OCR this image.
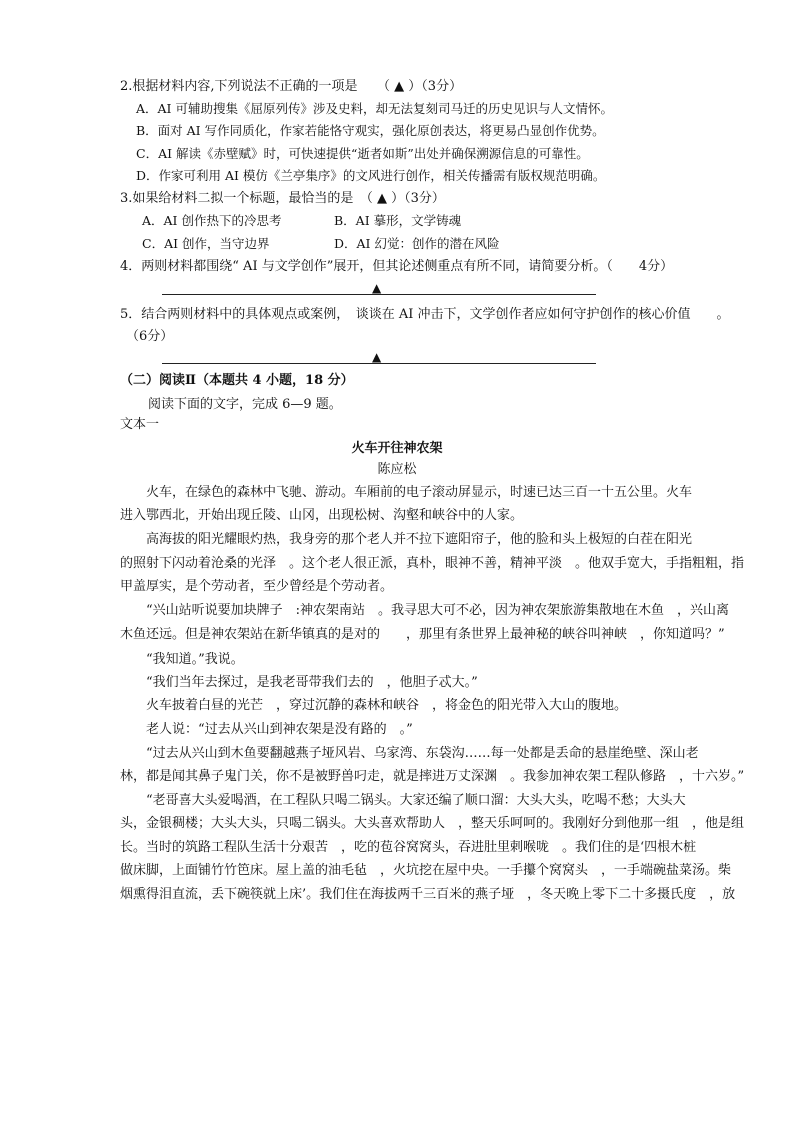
2.根据材料内容,下列说法不正确的一项是　　（ ▲ ）（3分）
A．AI 可辅助搜集《屈原列传》涉及史料，却无法复刻司马迁的历史见识与人文情怀。
B．面对 AI 写作同质化，作家若能恪守观实，强化原创表达，将更易凸显创作优势。
C．AI 解读《赤壁赋》时，可快速提供“逝者如斯”出处并确保溯源信息的可靠性。
D．作家可利用 AI 模仿《兰亭集序》的文风进行创作，相关传播需有版权规范明确。
3.如果给材料二拟一个标题，最恰当的是　（ ▲ ）（3分）
A．AI 创作热下的冷思考	B．AI 摹形，文学铸魂
C．AI 创作，当守边界	D．AI 幻觉：创作的潜在风险
4．两则材料都围绕“ AI 与文学创作”展开，但其论述侧重点有所不同，请简要分析。（　　4分）
▲
5．结合两则材料中的具体观点或案例，　谈谈在 AI 冲击下，文学创作者应如何守护创作的核心价值　　。
（6分）
▲
（二）阅读Ⅱ（本题共 4 小题，18 分）
阅读下面的文字，完成 6—9 题。
文本一
火车开往神农架
陈应松
　　火车，在绿色的森林中飞驰、游动。车厢前的电子滚动屏显示，时速已达三百一十五公里。火车
进入鄂西北，开始出现丘陵、山冈，出现松树、沟壑和峡谷中的人家。
　　高海拔的阳光耀眼灼热，我身旁的那个老人并不拉下遮阳帘子，他的脸和头上极短的白茬在阳光
的照射下闪动着沧桑的光泽　。这个老人很正派，真朴，眼神不善，精神平淡　。他双手宽大，手指粗粗，指
甲盖厚实，是个劳动者，至少曾经是个劳动者。
　　“兴山站听说要加块牌子　:神农架南站　。我寻思大可不必，因为神农架旅游集散地在木鱼　，兴山离
木鱼还远。但是神农架站在新华镇真的是对的　　，那里有条世界上最神秘的峡谷叫神峡　，你知道吗？”
　　“我知道。”我说。
　　“我们当年去探过，是我老哥带我们去的　，他胆子忒大。”
　　火车披着白昼的光芒　，穿过沉静的森林和峡谷　，将金色的阳光带入大山的腹地。
　　老人说：“过去从兴山到神农架是没有路的　。”
　　“过去从兴山到木鱼要翻越燕子垭风岩、乌家湾、东袋沟……每一处都是丢命的悬崖绝壁、深山老
林，都是闻其鼻子鬼门关，你不是被野兽叼走，就是摔进万丈深渊　。我参加神农架工程队修路　，十六岁。”
　　“老哥喜大头爱喝酒，在工程队只喝二锅头。大家还编了顺口溜：大头大头，吃喝不愁；大头大
头，金银稠楼；大头大头，只喝二锅头。大头喜欢帮助人　，整天乐呵呵的。我刚好分到他那一组　，他是组
长。当时的筑路工程队生活十分艰苦　，吃的苞谷窝窝头，吞进肚里剌喉咙　。我们住的是‘四根木桩
做床脚，上面铺竹竹笆床。屋上盖的油毛毡　，火坑挖在屋中央。一手攥个窝窝头　，一手端碗盐菜汤。柴
烟熏得泪直流，丢下碗筷就上床’。我们住在海拔两千三百米的燕子垭　，冬天晚上零下二十多摄氏度　，放
